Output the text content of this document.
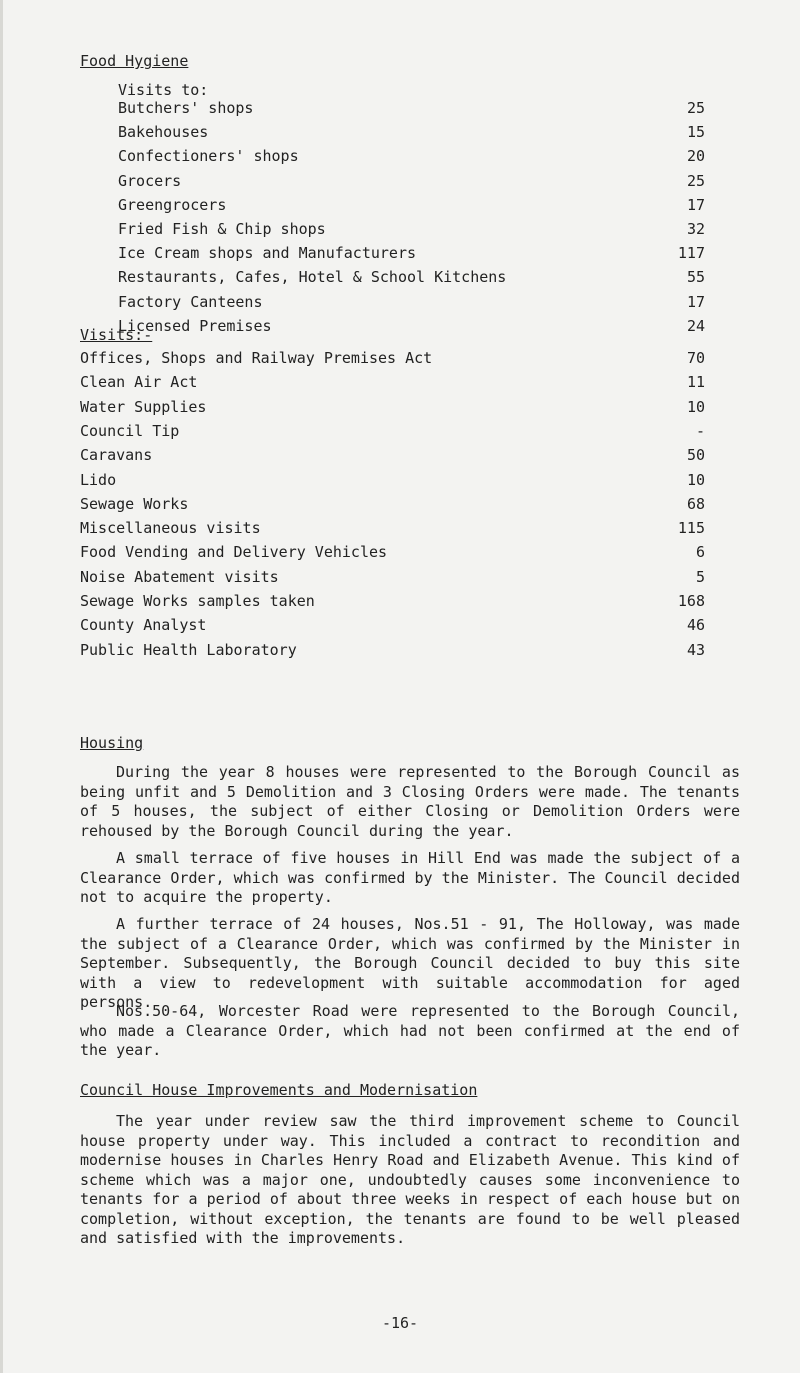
Food Hygiene
Visits to:
Butchers' shops	25
Bakehouses	15
Confectioners' shops	20
Grocers	25
Greengrocers	17
Fried Fish & Chip shops	32
Ice Cream shops and Manufacturers	117
Restaurants, Cafes, Hotel & School Kitchens	55
Factory Canteens	17
Licensed Premises	24
Visits:-
Offices, Shops and Railway Premises Act	70
Clean Air Act	11
Water Supplies	10
Council Tip	-
Caravans	50
Lido	10
Sewage Works	68
Miscellaneous visits	115
Food Vending and Delivery Vehicles	6
Noise Abatement visits	5
Sewage Works samples taken	168
County Analyst	46
Public Health Laboratory	43
Housing
During the year 8 houses were represented to the Borough Council as being unfit and 5 Demolition and 3 Closing Orders were made. The tenants of 5 houses, the subject of either Closing or Demolition Orders were rehoused by the Borough Council during the year.
A small terrace of five houses in Hill End was made the subject of a Clearance Order, which was confirmed by the Minister. The Council decided not to acquire the property.
A further terrace of 24 houses, Nos.51 - 91, The Holloway, was made the subject of a Clearance Order, which was confirmed by the Minister in September. Subsequently, the Borough Council decided to buy this site with a view to redevelopment with suitable accommodation for aged persons.
Nos.50-64, Worcester Road were represented to the Borough Council, who made a Clearance Order, which had not been confirmed at the end of the year.
Council House Improvements and Modernisation
The year under review saw the third improvement scheme to Council house property under way. This included a contract to recondition and modernise houses in Charles Henry Road and Elizabeth Avenue. This kind of scheme which was a major one, undoubtedly causes some inconvenience to tenants for a period of about three weeks in respect of each house but on completion, without exception, the tenants are found to be well pleased and satisfied with the improvements.
-16-
